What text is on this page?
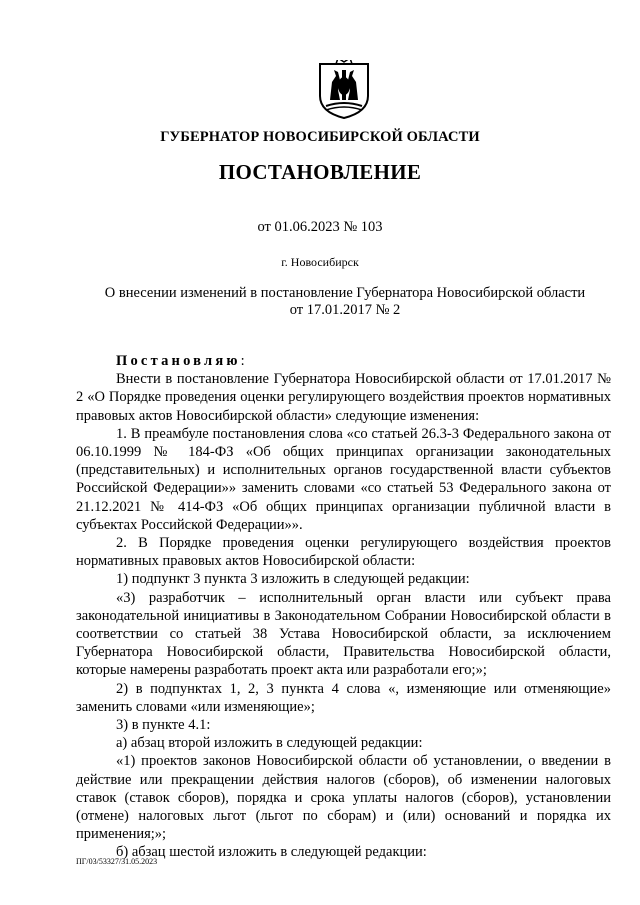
ГУБЕРНАТОР НОВОСИБИРСКОЙ ОБЛАСТИ
ПОСТАНОВЛЕНИЕ
от 01.06.2023 № 103
г. Новосибирск
О внесении изменений в постановление Губернатора Новосибирской области
от 17.01.2017 № 2

Постановляю:

Внести в постановление Губернатора Новосибирской области от 17.01.2017 № 2 «О Порядке проведения оценки регулирующего воздействия проектов нормативных правовых актов Новосибирской области» следующие изменения:

1. В преамбуле постановления слова «со статьей 26.3-3 Федерального закона от 06.10.1999 № 184-ФЗ «Об общих принципах организации законодательных (представительных) и исполнительных органов государственной власти субъектов Российской Федерации»» заменить словами «со статьей 53 Федерального закона от 21.12.2021 № 414-ФЗ «Об общих принципах организации публичной власти в субъектах Российской Федерации»».

2. В Порядке проведения оценки регулирующего воздействия проектов нормативных правовых актов Новосибирской области:

1) подпункт 3 пункта 3 изложить в следующей редакции:

«3) разработчик – исполнительный орган власти или субъект права законодательной инициативы в Законодательном Собрании Новосибирской области в соответствии со статьей 38 Устава Новосибирской области, за исключением Губернатора Новосибирской области, Правительства Новосибирской области, которые намерены разработать проект акта или разработали его;»;

2) в подпунктах 1, 2, 3 пункта 4 слова «, изменяющие или отменяющие» заменить словами «или изменяющие»;

3) в пункте 4.1:

а) абзац второй изложить в следующей редакции:

«1) проектов законов Новосибирской области об установлении, о введении в действие или прекращении действия налогов (сборов), об изменении налоговых ставок (ставок сборов), порядка и срока уплаты налогов (сборов), установлении (отмене) налоговых льгот (льгот по сборам) и (или) оснований и порядка их применения;»;

б) абзац шестой изложить в следующей редакции:

ПГ/03/53327/31.05.2023
